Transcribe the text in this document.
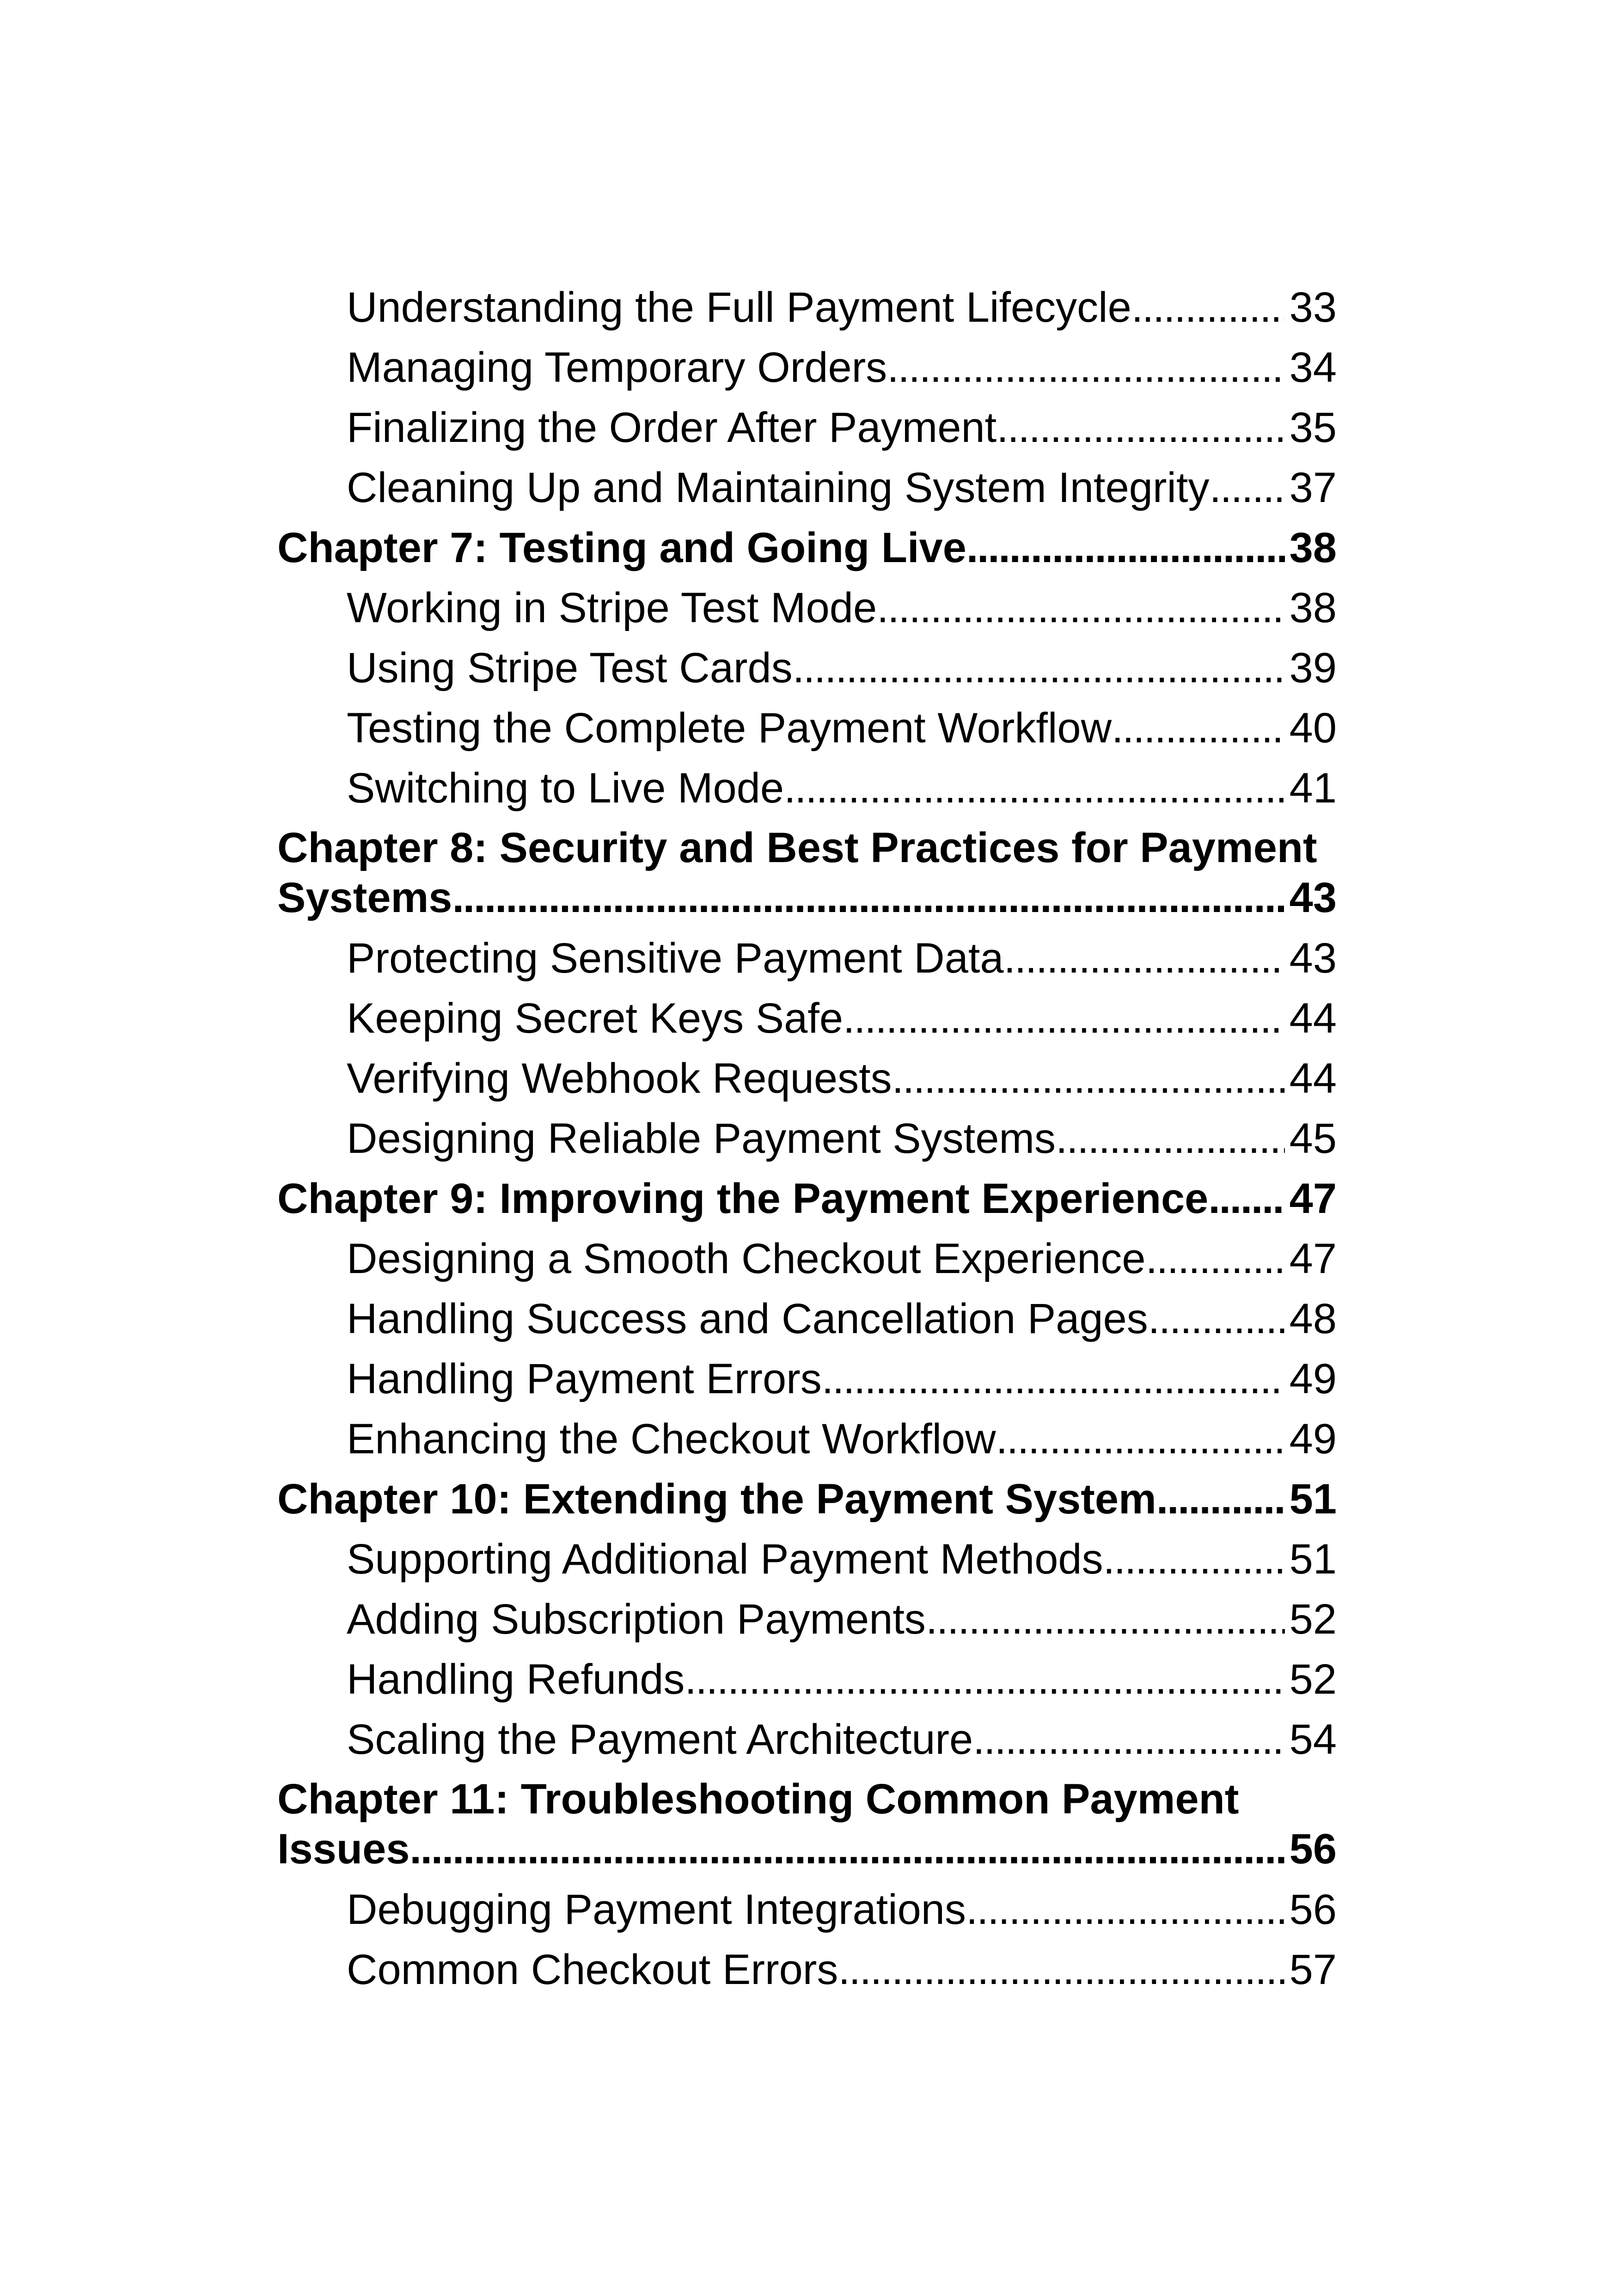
Understanding the Full Payment Lifecycle . . .	33
Managing Temporary Orders . . .	34
Finalizing the Order After Payment . . .	35
Cleaning Up and Maintaining System Integrity . . . 37
Chapter 7: Testing and Going Live . . .	38
Working in Stripe Test Mode . . .	38
Using Stripe Test Cards . . .	39
Testing the Complete Payment Workflow . . .	40
Switching to Live Mode . . .	41
Chapter 8: Security and Best Practices for Payment
Systems . . .	43
Protecting Sensitive Payment Data . . .	43
Keeping Secret Keys Safe . . .	44
Verifying Webhook Requests . . .	44
Designing Reliable Payment Systems . . .	45
Chapter 9: Improving the Payment Experience . . . 47
Designing a Smooth Checkout Experience . . .	47
Handling Success and Cancellation Pages . . .	48
Handling Payment Errors . . .	49
Enhancing the Checkout Workflow . . .	49
Chapter 10: Extending the Payment System . . .	51
Supporting Additional Payment Methods . . .	51
Adding Subscription Payments . . .	52
Handling Refunds . . .	52
Scaling the Payment Architecture . . .	54
Chapter 11: Troubleshooting Common Payment
Issues . . .	56
Debugging Payment Integrations . . .	56
Common Checkout Errors . . .	57
